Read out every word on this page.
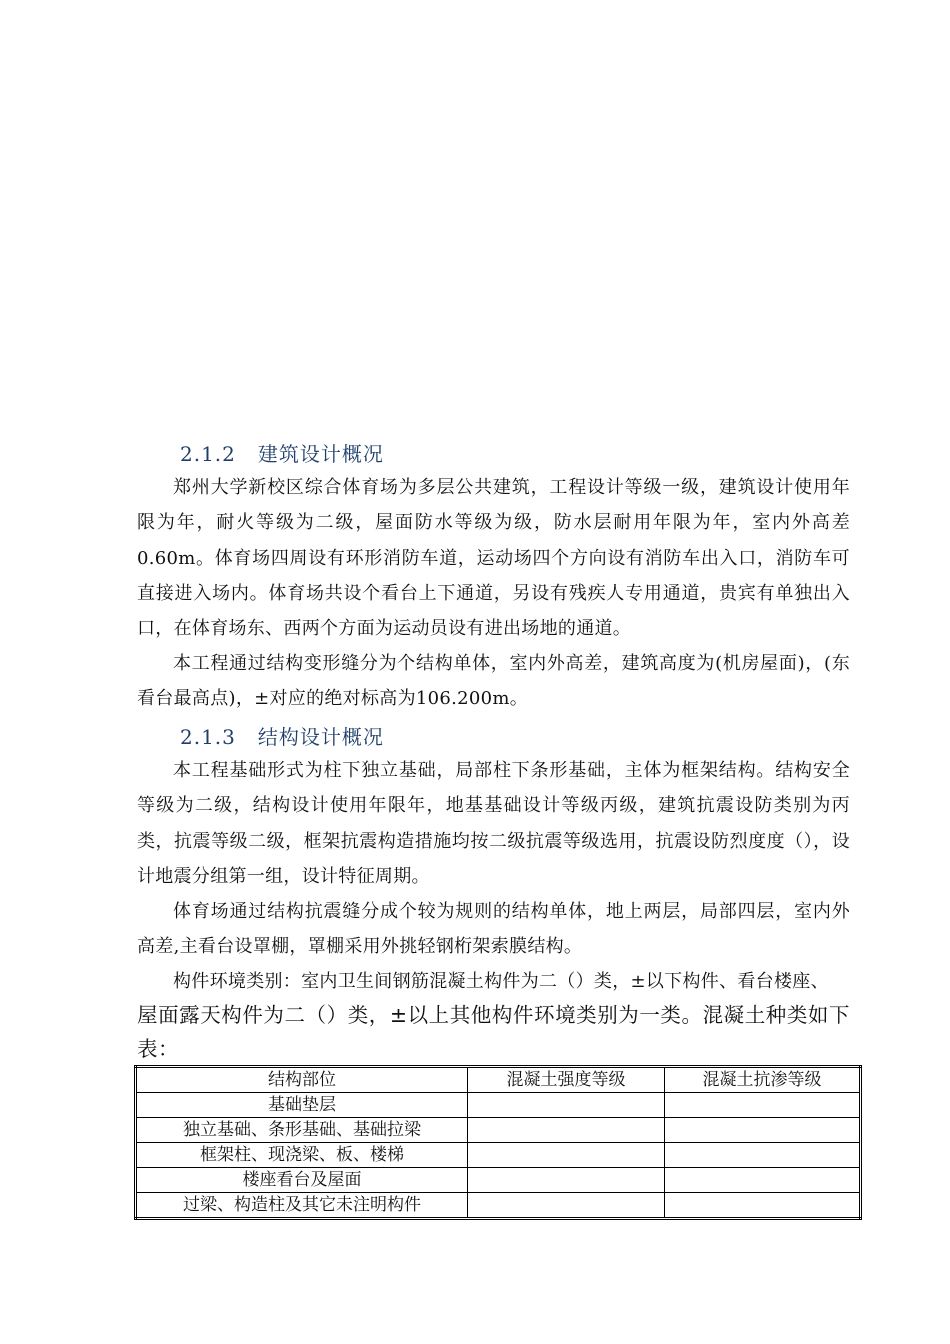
2.1.2 建筑设计概况

郑州大学新校区综合体育场为多层公共建筑，工程设计等级一级，建筑设计使用年限为年，耐火等级为二级，屋面防水等级为级，防水层耐用年限为年，室内外高差0.60m。体育场四周设有环形消防车道，运动场四个方向设有消防车出入口，消防车可直接进入场内。体育场共设个看台上下通道，另设有残疾人专用通道，贵宾有单独出入口，在体育场东、西两个方面为运动员设有进出场地的通道。

本工程通过结构变形缝分为个结构单体，室内外高差，建筑高度为(机房屋面)，(东看台最高点)，±对应的绝对标高为106.200m。

2.1.3 结构设计概况

本工程基础形式为柱下独立基础，局部柱下条形基础，主体为框架结构。结构安全等级为二级，结构设计使用年限年，地基基础设计等级丙级，建筑抗震设防类别为丙类，抗震等级二级，框架抗震构造措施均按二级抗震等级选用，抗震设防烈度度（），设计地震分组第一组，设计特征周期。

体育场通过结构抗震缝分成个较为规则的结构单体，地上两层，局部四层，室内外高差,主看台设罩棚，罩棚采用外挑轻钢桁架索膜结构。

构件环境类别：室内卫生间钢筋混凝土构件为二（）类，±以下构件、看台楼座、

屋面露天构件为二（）类，±以上其他构件环境类别为一类。混凝土种类如下表：

结构部位	混凝土强度等级	混凝土抗渗等级
基础垫层		
独立基础、条形基础、基础拉梁		
框架柱、现浇梁、板、楼梯		
楼座看台及屋面		
过梁、构造柱及其它未注明构件		
